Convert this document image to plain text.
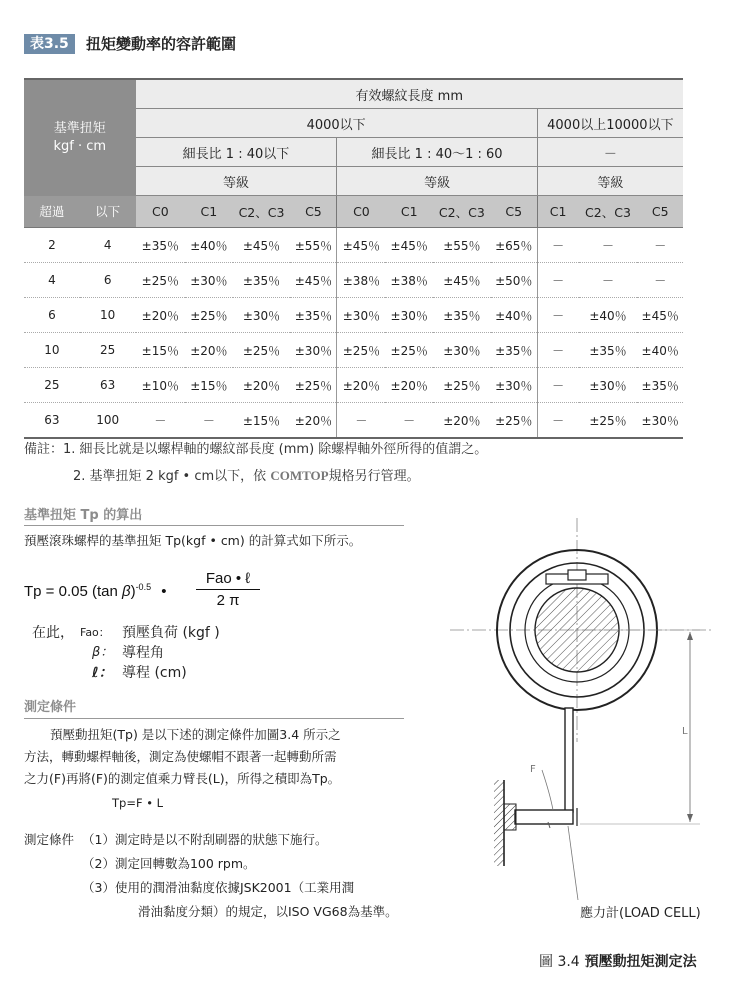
表3.5	扭矩變動率的容許範圍
基準扭矩
kgf · cm		有效螺紋長度 mm										
		4000以下								4000以上10000以下		
		細長比 1 : 40以下				細長比 1 : 40～1 : 60				－		
		等級				等級				等級		
超過	以下	C0	C1	C2、C3	C5	C0	C1	C2、C3	C5	C1	C2、C3	C5
2	4	±35％	±40％	±45％	±55％	±45％	±45％	±55％	±65％	－	－	－
4	6	±25％	±30％	±35％	±45％	±38％	±38％	±45％	±50％	－	－	－
6	10	±20％	±25％	±30％	±35％	±30％	±30％	±35％	±40％	－	±40％	±45％
10	25	±15％	±20％	±25％	±30％	±25％	±25％	±30％	±35％	－	±35％	±40％
25	63	±10％	±15％	±20％	±25％	±20％	±20％	±25％	±30％	－	±30％	±35％
63	100	－	－	±15％	±20％	－	－	±20％	±25％	－	±25％	±30％
備註：1. 細長比就是以螺桿軸的螺紋部長度 (mm) 除螺桿軸外徑所得的值謂之。
2. 基準扭矩 2 kgf • cm以下，依 COMTOP規格另行管理。
基準扭矩 Tp 的算出
預壓滾珠螺桿的基準扭矩 Tp(kgf • cm) 的計算式如下所示。
Tp = 0.05 (tan β)$^{-0.5}$ •
Fao • ℓ
2 π
在此， Fao： 預壓負荷 (kgf )
β： 導程角
ℓ： 導程 (cm)
測定條件
預壓動扭矩(Tp) 是以下述的測定條件加圖3.4 所示之
方法，轉動螺桿軸後，測定為使螺帽不跟著一起轉動所需
之力(F)再將(F)的測定值乘力臂長(L)，所得之積即為Tp。
Tp=F • L
測定條件 （1）測定時是以不附刮刷器的狀態下施行。
（2）測定回轉數為100 rpm。
（3）使用的潤滑油黏度依據JSK2001（工業用潤
滑油黏度分類）的規定，以ISO VG68為基準。
L
F
應力計(LOAD CELL)
圖 3.4 預壓動扭矩測定法
